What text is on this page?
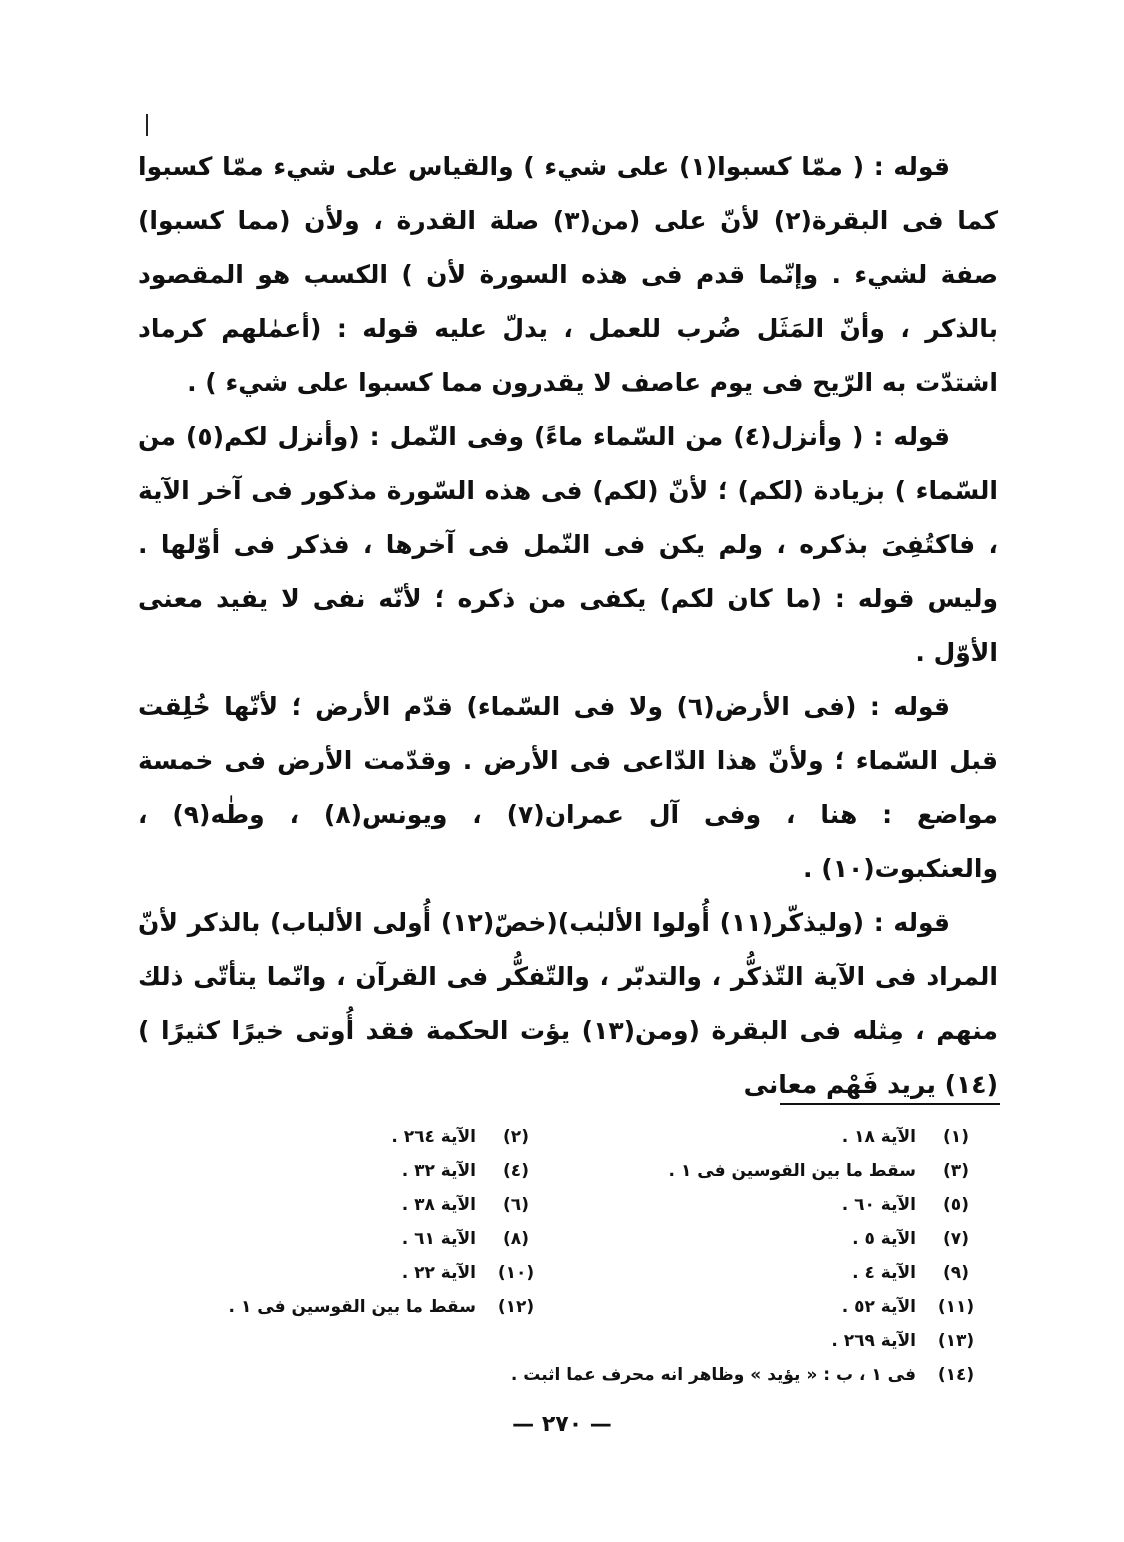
قوله : ( ممّا كسبوا(١) على شيء ) والقياس على شيء ممّا كسبوا كما فى البقرة(٢) لأنّ على (من(٣) صلة القدرة ، ولأن (مما كسبوا) صفة لشيء . وإنّما قدم فى هذه السورة لأن ) الكسب هو المقصود بالذكر ، وأنّ المَثَل ضُرب للعمل ، يدلّ عليه قوله : (أعمٰلهم كرماد اشتدّت به الرّيح فى يوم عاصف لا يقدرون مما كسبوا على شيء ) .

قوله : ( وأنزل(٤) من السّماء ماءً) وفى النّمل : (وأنزل لكم(٥) من السّماء ) بزيادة (لكم) ؛ لأنّ (لكم) فى هذه السّورة مذكور فى آخر الآية ، فاكتُفِىَ بذكره ، ولم يكن فى النّمل فى آخرها ، فذكر فى أوّلها . وليس قوله : (ما كان لكم) يكفى من ذكره ؛ لأنّه نفى لا يفيد معنى الأوّل .

قوله : (فى الأرض(٦) ولا فى السّماء) قدّم الأرض ؛ لأنّها خُلِقت قبل السّماء ؛ ولأنّ هذا الدّاعى فى الأرض . وقدّمت الأرض فى خمسة مواضع : هنا ، وفى آل عمران(٧) ، ويونس(٨) ، وطٰه(٩) ، والعنكبوت(١٠) .

قوله : (وليذكّر(١١) أُولوا الألبٰب)(خصّ(١٢) أُولى الألباب) بالذكر لأنّ المراد فى الآية التّذكُّر ، والتدبّر ، والتّفكُّر فى القرآن ، وانّما يتأتّى ذلك منهم ، مِثله فى البقرة (ومن(١٣) يؤت الحكمة فقد أُوتى خيرًا كثيرًا )(١٤) يريد فَهْم معانى

(١)
الآية ١٨ .
(٣)
سقط ما بين القوسين فى ١ .
(٥)
الآية ٦٠ .
(٧)
الآية ٥ .
(٩)
الآية ٤ .
(١١)
الآية ٥٢ .
(١٣)
الآية ٢٦٩ .
(١٤)
فى ١ ، ب : « يؤيد » وظاهر انه محرف عما اثبت .
(٢)
الآية ٢٦٤ .
(٤)
الآية ٣٢ .
(٦)
الآية ٣٨ .
(٨)
الآية ٦١ .
(١٠)
الآية ٢٢ .
(١٢)
سقط ما بين القوسين فى ١ .
— ٢٧٠ —
